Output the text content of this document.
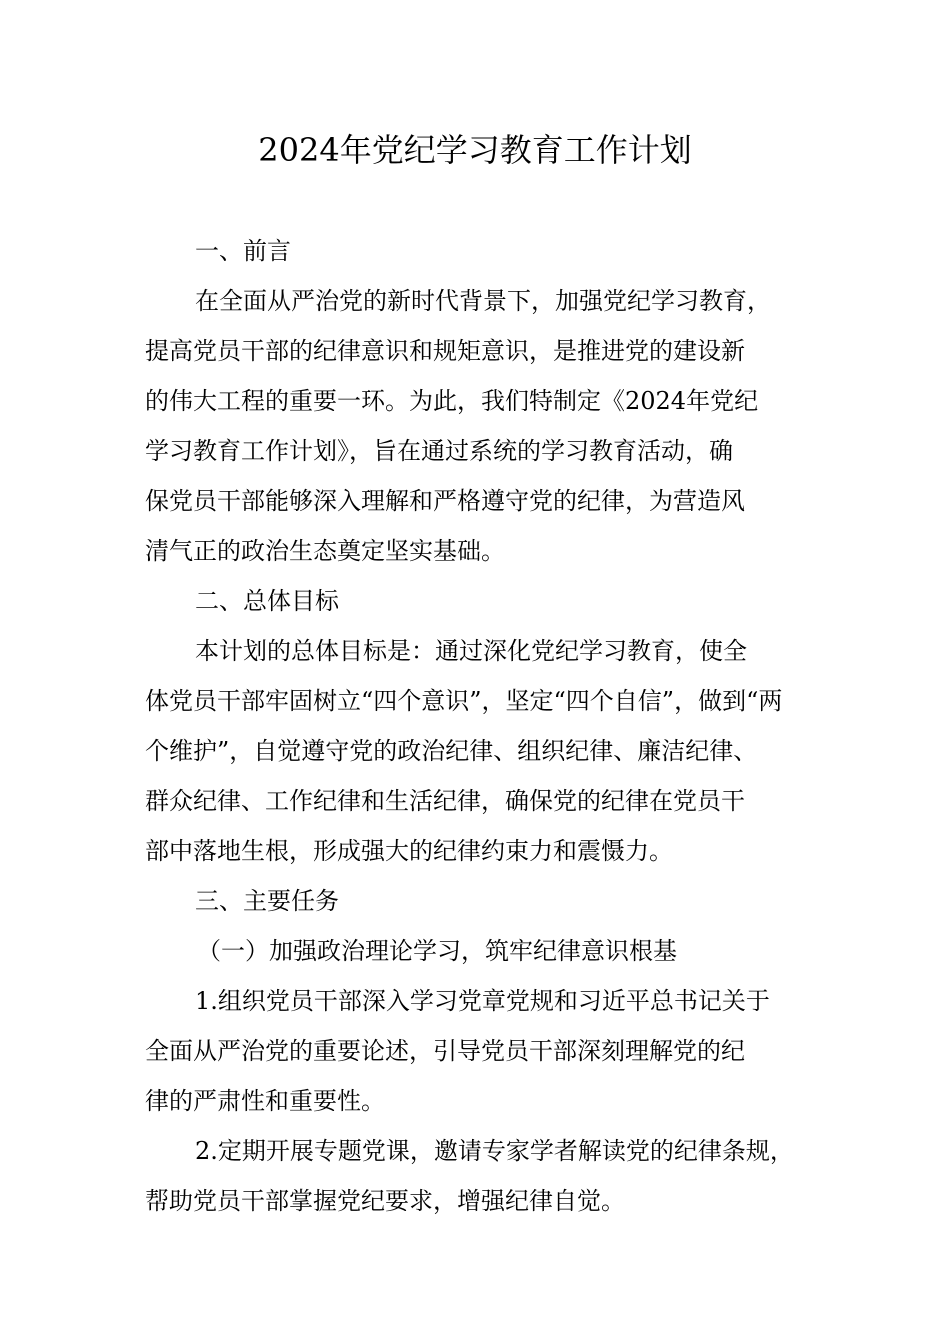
2024年党纪学习教育工作计划
一、前言
在全面从严治党的新时代背景下，加强党纪学习教育，
提高党员干部的纪律意识和规矩意识，是推进党的建设新
的伟大工程的重要一环。为此，我们特制定《2024年党纪
学习教育工作计划》，旨在通过系统的学习教育活动，确
保党员干部能够深入理解和严格遵守党的纪律，为营造风
清气正的政治生态奠定坚实基础。
二、总体目标
本计划的总体目标是：通过深化党纪学习教育，使全
体党员干部牢固树立“四个意识”，坚定“四个自信”，做到“两
个维护”，自觉遵守党的政治纪律、组织纪律、廉洁纪律、
群众纪律、工作纪律和生活纪律，确保党的纪律在党员干
部中落地生根，形成强大的纪律约束力和震慑力。
三、主要任务
（一）加强政治理论学习，筑牢纪律意识根基
1.组织党员干部深入学习党章党规和习近平总书记关于
全面从严治党的重要论述，引导党员干部深刻理解党的纪
律的严肃性和重要性。
2.定期开展专题党课，邀请专家学者解读党的纪律条规，
帮助党员干部掌握党纪要求，增强纪律自觉。
